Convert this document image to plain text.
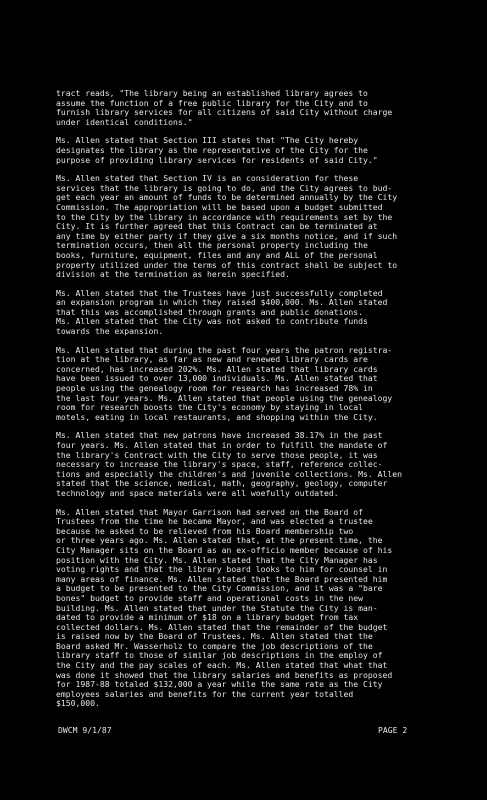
tract reads, "The library being an established library agrees to
assume the function of a free public library for the City and to
furnish library services for all citizens of said City without charge
under identical conditions."

Ms. Allen stated that Section III states that "The City hereby
designates the library as the representative of the City for the
purpose of providing library services for residents of said City."

Ms. Allen stated that Section IV is an consideration for these
services that the library is going to do, and the City agrees to bud-
get each year an amount of funds to be determined annually by the City
Commission. The appropriation will be based upon a budget submitted
to the City by the library in accordance with requirements set by the
City. It is further agreed that this Contract can be terminated at
any time by either party if they give a six months notice, and if such
termination occurs, then all the personal property including the
books, furniture, equipment, files and any and ALL of the personal
property utilized under the terms of this contract shall be subject to
division at the termination as herein specified.

Ms. Allen stated that the Trustees have just successfully completed
an expansion program in which they raised $400,000. Ms. Allen stated
that this was accomplished through grants and public donations.
Ms. Allen stated that the City was not asked to contribute funds
towards the expansion.

Ms. Allen stated that during the past four years the patron registra-
tion at the library, as far as new and renewed library cards are
concerned, has increased 202%. Ms. Allen stated that library cards
have been issued to over 13,000 individuals. Ms. Allen stated that
people using the genealogy room for research has increased 78% in
the last four years. Ms. Allen stated that people using the genealogy
room for research boosts the City's economy by staying in local
motels, eating in local restaurants, and shopping within the City.

Ms. Allen stated that new patrons have increased 38.17% in the past
four years. Ms. Allen stated that in order to fulfill the mandate of
the library's Contract with the City to serve those people, it was
necessary to increase the library's space, staff, reference collec-
tions and especially the children's and juvenile collections. Ms. Allen
stated that the science, medical, math, geography, geology, computer
technology and space materials were all woefully outdated.

Ms. Allen stated that Mayor Garrison had served on the Board of
Trustees from the time he became Mayor, and was elected a trustee
because he asked to be relieved from his Board membership two
or three years ago. Ms. Allen stated that, at the present time, the
City Manager sits on the Board as an ex-officio member because of his
position with the City. Ms. Allen stated that the City Manager has
voting rights and that the library board looks to him for counsel in
many areas of finance. Ms. Allen stated that the Board presented him
a budget to be presented to the City Commission, and it was a "bare
bones" budget to provide staff and operational costs in the new
building. Ms. Allen stated that under the Statute the City is man-
dated to provide a minimum of $18 on a library budget from tax
collected dollars. Ms. Allen stated that the remainder of the budget
is raised now by the Board of Trustees. Ms. Allen stated that the
Board asked Mr. Wasserholz to compare the job descriptions of the
library staff to those of similar job descriptions in the employ of
the City and the pay scales of each. Ms. Allen stated that what that
was done it showed that the library salaries and benefits as proposed
for 1987-88 totaled $132,000 a year while the same rate as the City
employees salaries and benefits for the current year totalled
$150,000.

DWCM 9/1/87	PAGE 2
